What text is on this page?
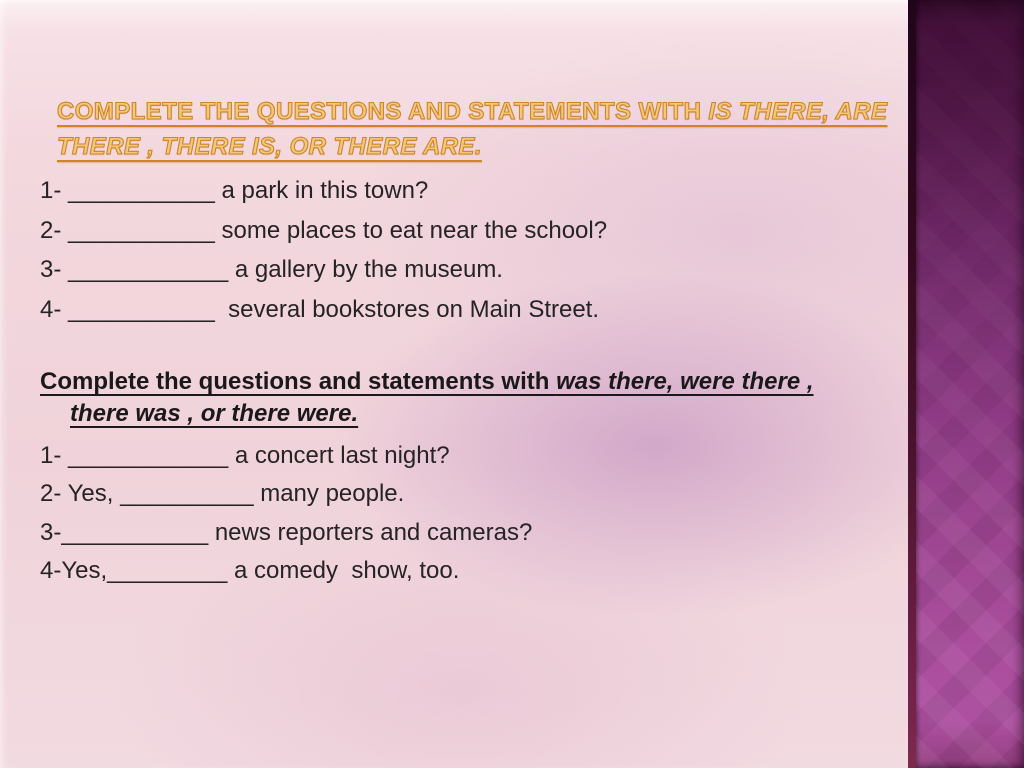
COMPLETE THE QUESTIONS AND STATEMENTS WITH IS THERE, ARE THERE , THERE IS, OR THERE ARE.

1- ___________ a park in this town?

2- ___________ some places to eat near the school?

3- ____________ a gallery by the museum.

4- ___________  several bookstores on Main Street.

Complete the questions and statements with was there, were there , there was , or there were.

1- ____________ a concert last night?

2- Yes, __________ many people.

3-___________ news reporters and cameras?

4-Yes,_________ a comedy  show, too.
